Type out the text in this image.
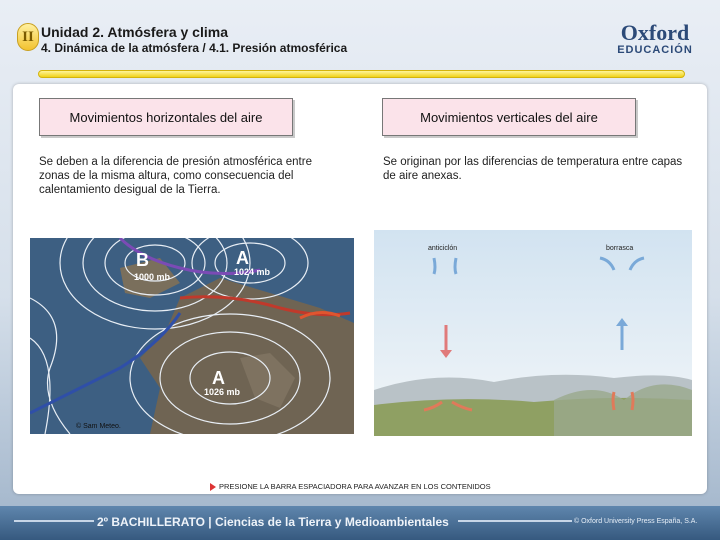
II Unidad 2. Atmósfera y clima
4. Dinámica de la atmósfera / 4.1. Presión atmosférica
Oxford
EDUCACIÓN
Movimientos horizontales del aire	Movimientos verticales del aire
Se deben a la diferencia de presión atmosférica entre zonas de la misma altura, como consecuencia del calentamiento desigual de la Tierra.
Se originan por las diferencias de temperatura entre capas de aire anexas.
B
1000 mb
A
1024 mb
A
1026 mb
© Sam Meteo.
anticiclón	borrasca
PRESIONE LA BARRA ESPACIADORA PARA AVANZAR EN LOS CONTENIDOS
2º BACHILLERATO | Ciencias de la Tierra y Medioambientales	© Oxford University Press España, S.A.
